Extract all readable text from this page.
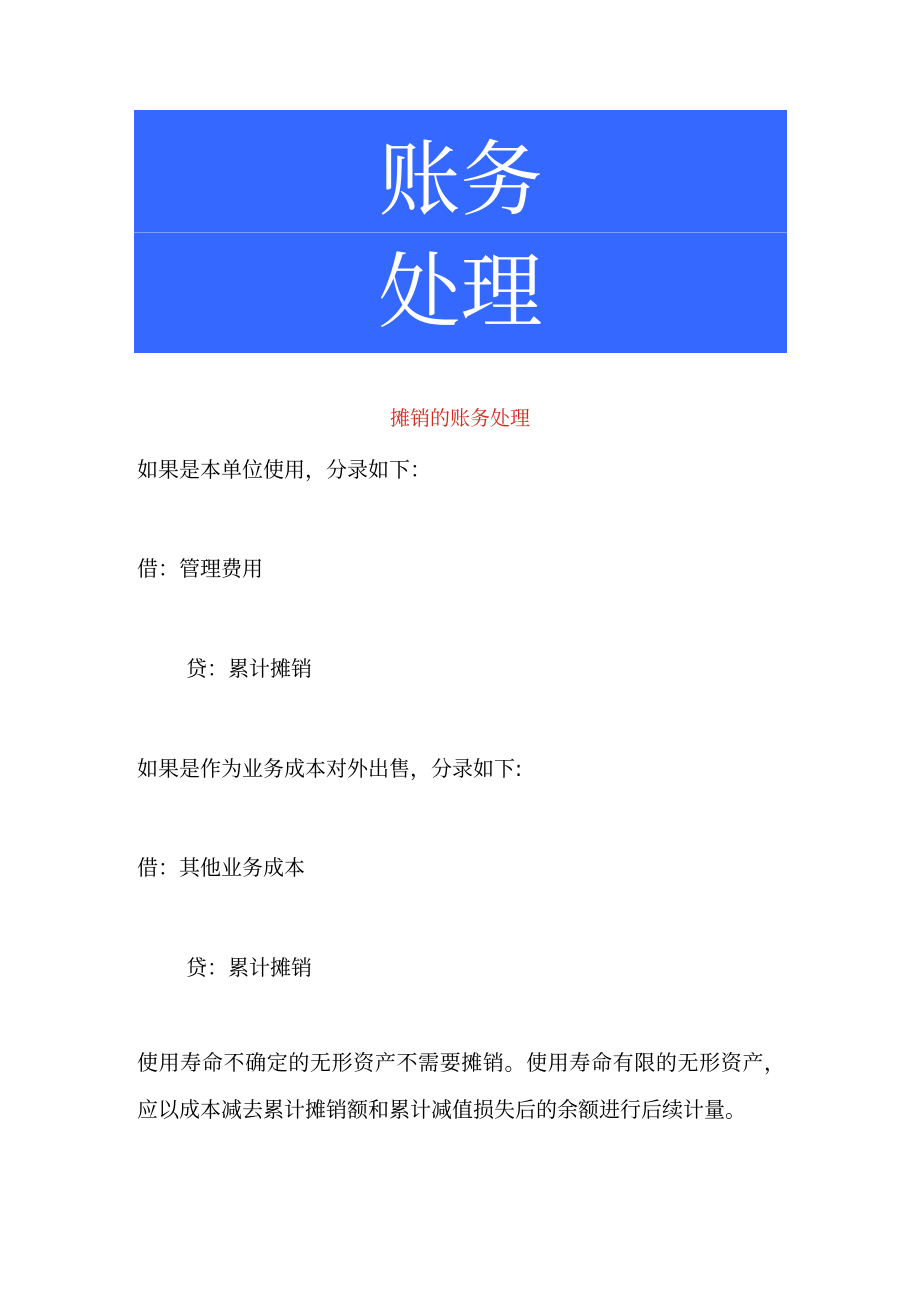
账务
处理
摊销的账务处理
如果是本单位使用，分录如下：
借：管理费用
贷：累计摊销
如果是作为业务成本对外出售，分录如下:
借：其他业务成本
贷：累计摊销
使用寿命不确定的无形资产不需要摊销。使用寿命有限的无形资产，应以成本减去累计摊销额和累计减值损失后的余额进行后续计量。
